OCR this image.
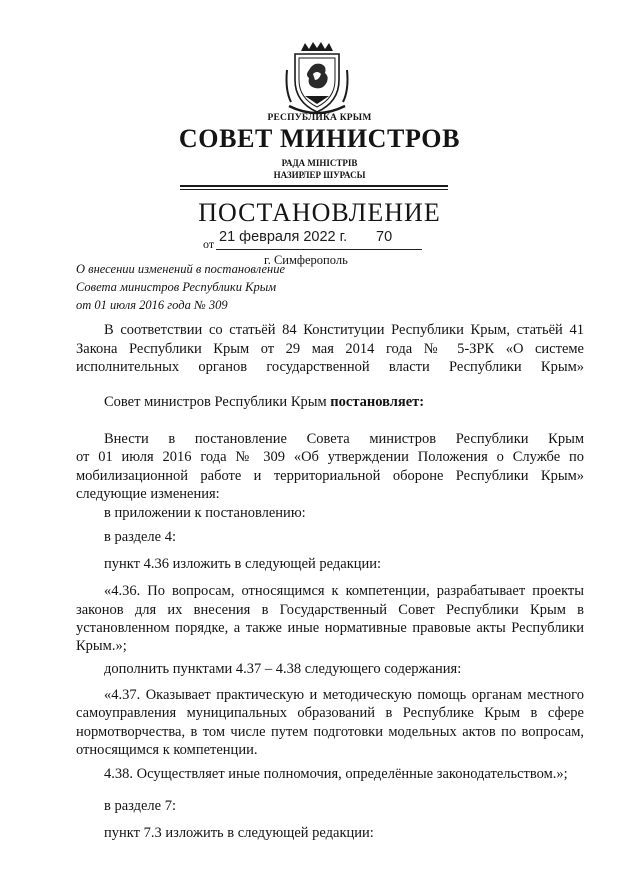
РЕСПУБЛИКА КРЫМ
СОВЕТ МИНИСТРОВ
РАДА МІНІСТРІВ
НАЗИРЛЕР ШУРАСЫ
ПОСТАНОВЛЕНИЕ
от 21 февраля 2022 г. 70
г. Симферополь
О внесении изменений в постановление
Совета министров Республики Крым
от 01 июля 2016 года № 309
В соответствии со статьёй 84 Конституции Республики Крым, статьёй 41
Закона Республики Крым от 29 мая 2014 года № 5-ЗРК «О системе
исполнительных органов государственной власти Республики Крым»
Совет министров Республики Крым постановляет:
Внести в постановление Совета министров Республики Крым
от 01 июля 2016 года № 309 «Об утверждении Положения о Службе по
мобилизационной работе и территориальной обороне Республики Крым»
следующие изменения:
в приложении к постановлению:
в разделе 4:
пункт 4.36 изложить в следующей редакции:
«4.36. По вопросам, относящимся к компетенции, разрабатывает проекты
законов для их внесения в Государственный Совет Республики Крым в
установленном порядке, а также иные нормативные правовые акты Республики
Крым.»;
дополнить пунктами 4.37 – 4.38 следующего содержания:
«4.37. Оказывает практическую и методическую помощь органам местного
самоуправления муниципальных образований в Республике Крым в сфере
нормотворчества, в том числе путем подготовки модельных актов по вопросам,
относящимся к компетенции.
4.38. Осуществляет иные полномочия, определённые законодательством.»;
в разделе 7:
пункт 7.3 изложить в следующей редакции:
